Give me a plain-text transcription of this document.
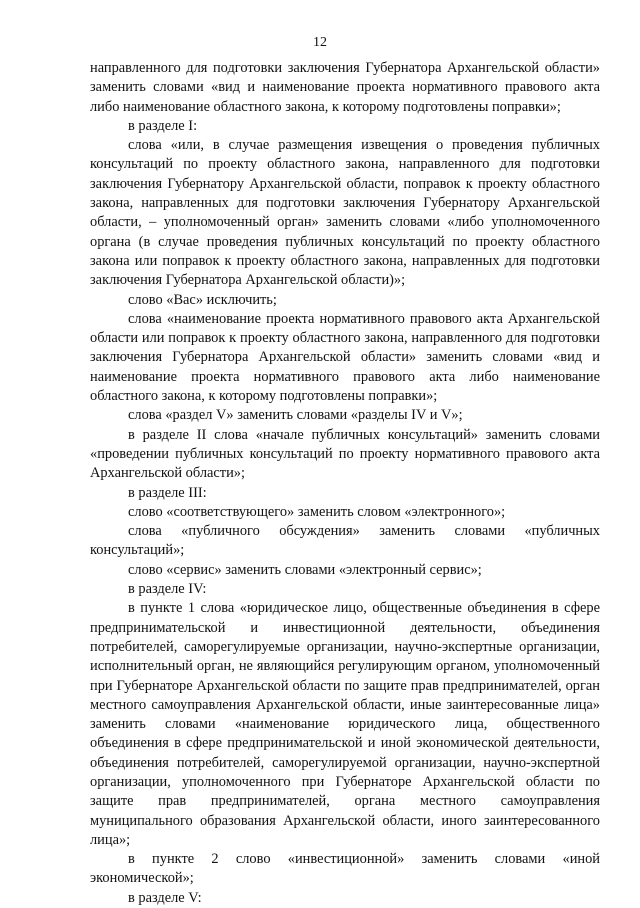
12

направленного для подготовки заключения Губернатора Архангельской области» заменить словами «вид и наименование проекта нормативного правового акта либо наименование областного закона, к которому подготовлены поправки»;

в разделе I:

слова «или, в случае размещения извещения о проведения публичных консультаций по проекту областного закона, направленного для подготовки заключения Губернатору Архангельской области, поправок к проекту областного закона, направленных для подготовки заключения Губернатору Архангельской области, – уполномоченный орган» заменить словами «либо уполномоченного органа (в случае проведения публичных консультаций по проекту областного закона или поправок к проекту областного закона, направленных для подготовки заключения Губернатора Архангельской области)»;

слово «Вас» исключить;

слова «наименование проекта нормативного правового акта Архангельской области или поправок к проекту областного закона, направленного для подготовки заключения Губернатора Архангельской области» заменить словами «вид и наименование проекта нормативного правового акта либо наименование областного закона, к которому подготовлены поправки»;

слова «раздел V» заменить словами «разделы IV и V»;

в разделе II слова «начале публичных консультаций» заменить словами «проведении публичных консультаций по проекту нормативного правового акта Архангельской области»;

в разделе III:

слово «соответствующего» заменить словом «электронного»;

слова «публичного обсуждения» заменить словами «публичных консультаций»;

слово «сервис» заменить словами «электронный сервис»;

в разделе IV:

в пункте 1 слова «юридическое лицо, общественные объединения в сфере предпринимательской и инвестиционной деятельности, объединения потребителей, саморегулируемые организации, научно-экспертные организации, исполнительный орган, не являющийся регулирующим органом, уполномоченный при Губернаторе Архангельской области по защите прав предпринимателей, орган местного самоуправления Архангельской области, иные заинтересованные лица» заменить словами «наименование юридического лица, общественного объединения в сфере предпринимательской и иной экономической деятельности, объединения потребителей, саморегулируемой организации, научно-экспертной организации, уполномоченного при Губернаторе Архангельской области по защите прав предпринимателей, органа местного самоуправления муниципального образования Архангельской области, иного заинтересованного лица»;

в пункте 2 слово «инвестиционной» заменить словами «иной экономической»;

в разделе V:
